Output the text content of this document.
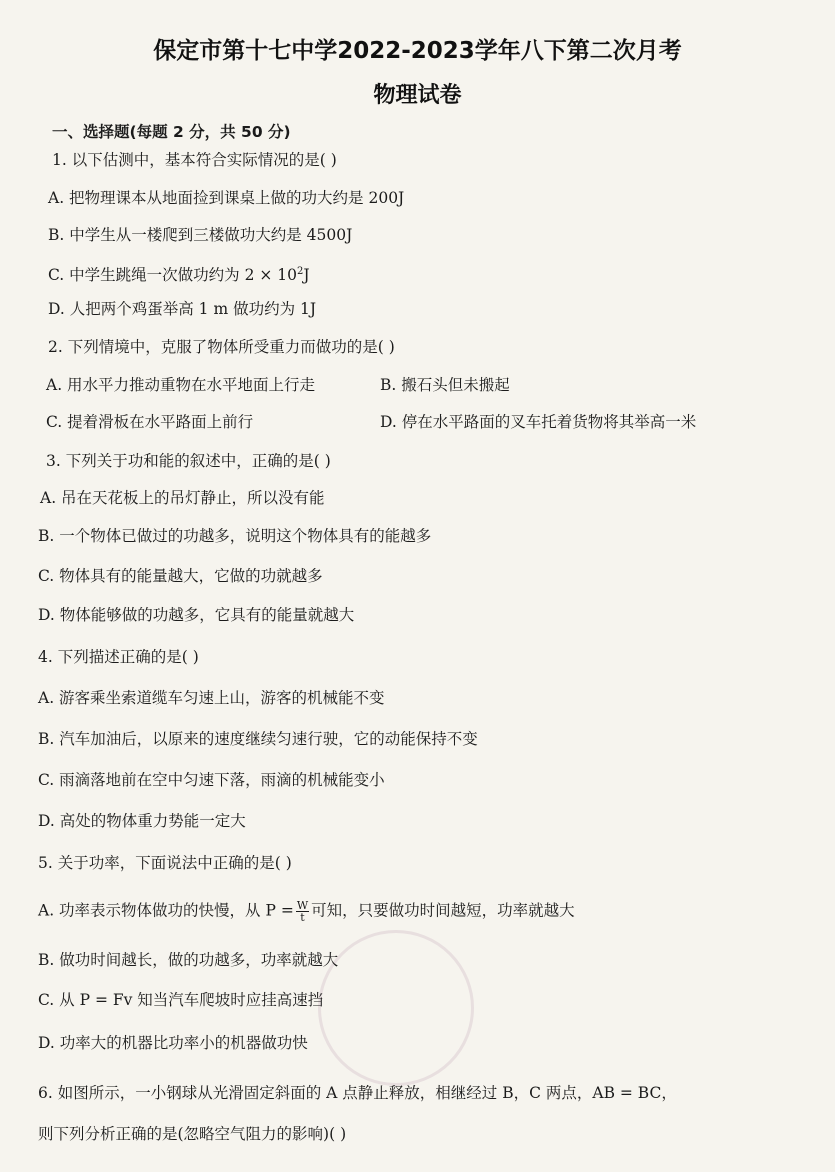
保定市第十七中学2022-2023学年八下第二次月考
物理试卷
一、选择题(每题 2 分，共 50 分)
1. 以下估测中，基本符合实际情况的是( )
A. 把物理课本从地面捡到课桌上做的功大约是 200J
B. 中学生从一楼爬到三楼做功大约是 4500J
C. 中学生跳绳一次做功约为 $2 \times 10^2J$
D. 人把两个鸡蛋举高 1 m 做功约为 1J
2. 下列情境中，克服了物体所受重力而做功的是( )
A. 用水平力推动重物在水平地面上行走	B. 搬石头但未搬起
C. 提着滑板在水平路面上前行	D. 停在水平路面的叉车托着货物将其举高一米
3. 下列关于功和能的叙述中，正确的是( )
A. 吊在天花板上的吊灯静止，所以没有能
B. 一个物体已做过的功越多，说明这个物体具有的能越多
C. 物体具有的能量越大，它做的功就越多
D. 物体能够做的功越多，它具有的能量就越大
4. 下列描述正确的是( )
A. 游客乘坐索道缆车匀速上山，游客的机械能不变
B. 汽车加油后，以原来的速度继续匀速行驶，它的动能保持不变
C. 雨滴落地前在空中匀速下落，雨滴的机械能变小
D. 高处的物体重力势能一定大
5. 关于功率，下面说法中正确的是( )
A. 功率表示物体做功的快慢，从 $P = \frac{W}{t}$ 可知，只要做功时间越短，功率就越大
B. 做功时间越长，做的功越多，功率就越大
C. 从 P = Fv 知当汽车爬坡时应挂高速挡
D. 功率大的机器比功率小的机器做功快
6. 如图所示，一小钢球从光滑固定斜面的 A 点静止释放，相继经过 B，C 两点，AB = BC，
则下列分析正确的是(忽略空气阻力的影响)( )
